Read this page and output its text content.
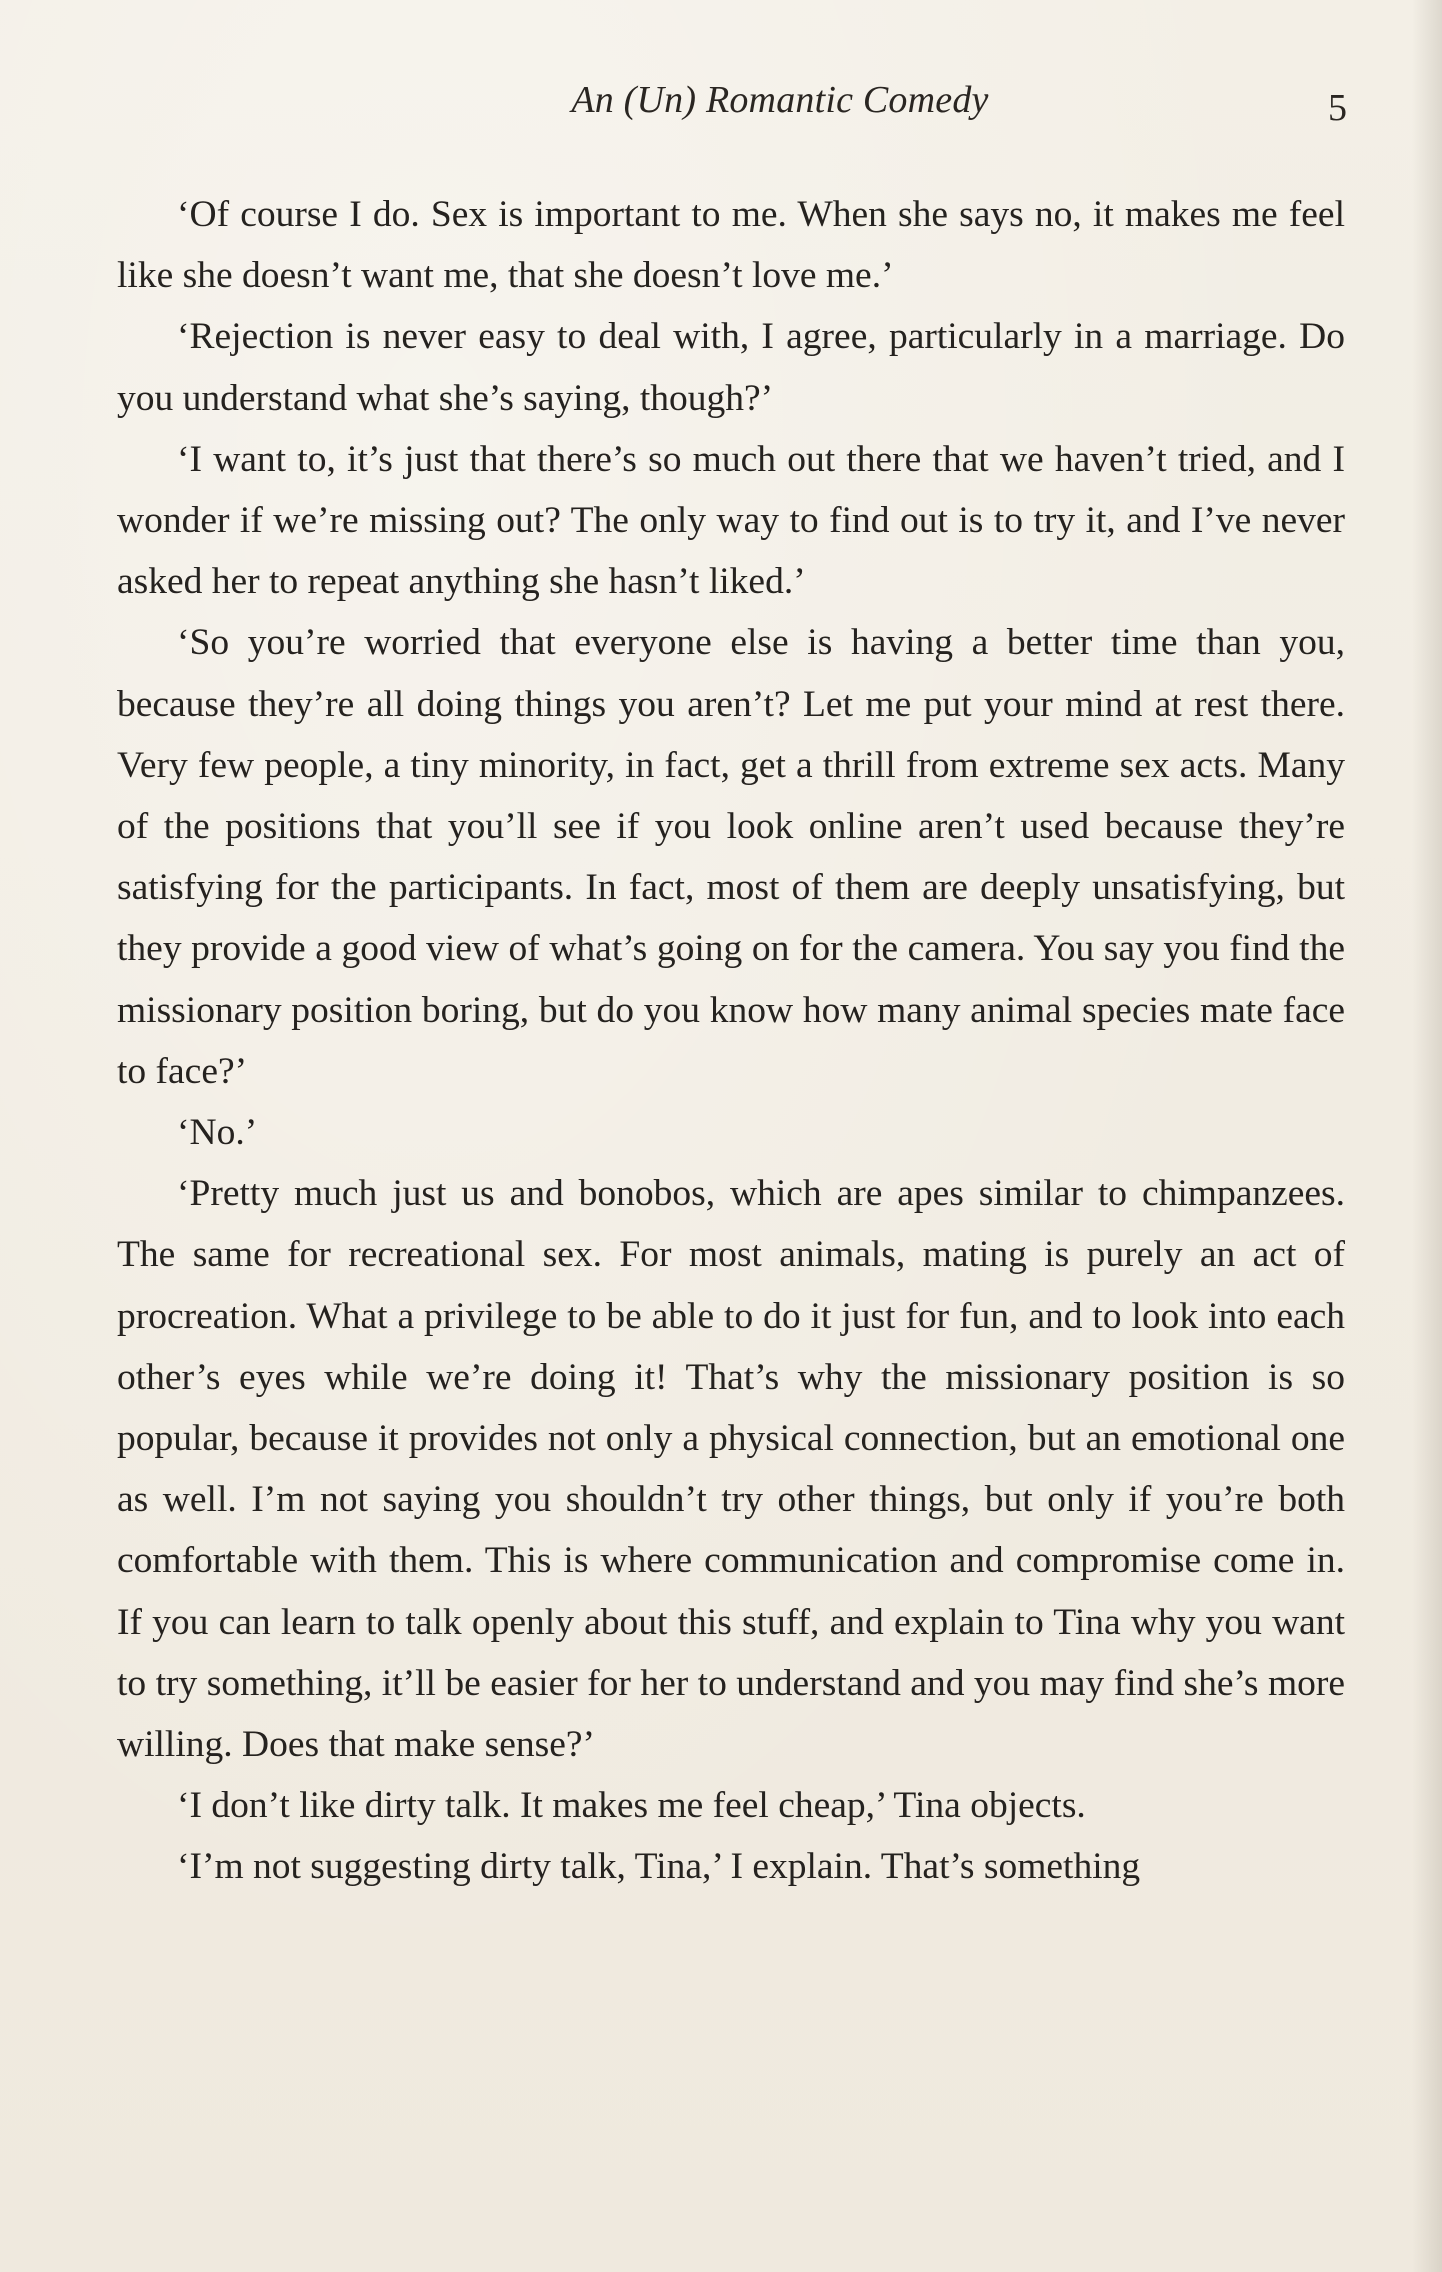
An (Un) Romantic Comedy	5

‘Of course I do. Sex is important to me. When she says no, it makes me feel like she doesn’t want me, that she doesn’t love me.’

‘Rejection is never easy to deal with, I agree, particularly in a marriage. Do you understand what she’s saying, though?’

‘I want to, it’s just that there’s so much out there that we haven’t tried, and I wonder if we’re missing out? The only way to find out is to try it, and I’ve never asked her to repeat anything she hasn’t liked.’

‘So you’re worried that everyone else is having a better time than you, because they’re all doing things you aren’t? Let me put your mind at rest there. Very few people, a tiny minority, in fact, get a thrill from extreme sex acts. Many of the positions that you’ll see if you look online aren’t used because they’re satisfying for the participants. In fact, most of them are deeply unsatisfying, but they provide a good view of what’s going on for the camera. You say you find the missionary position boring, but do you know how many animal species mate face to face?’

‘No.’

‘Pretty much just us and bonobos, which are apes similar to chimpanzees. The same for recreational sex. For most animals, mating is purely an act of procreation. What a privilege to be able to do it just for fun, and to look into each other’s eyes while we’re doing it! That’s why the missionary position is so popular, because it provides not only a physical connection, but an emotional one as well. I’m not saying you shouldn’t try other things, but only if you’re both comfortable with them. This is where communication and compromise come in. If you can learn to talk openly about this stuff, and explain to Tina why you want to try something, it’ll be easier for her to understand and you may find she’s more willing. Does that make sense?’

‘I don’t like dirty talk. It makes me feel cheap,’ Tina objects.

‘I’m not suggesting dirty talk, Tina,’ I explain. That’s something
